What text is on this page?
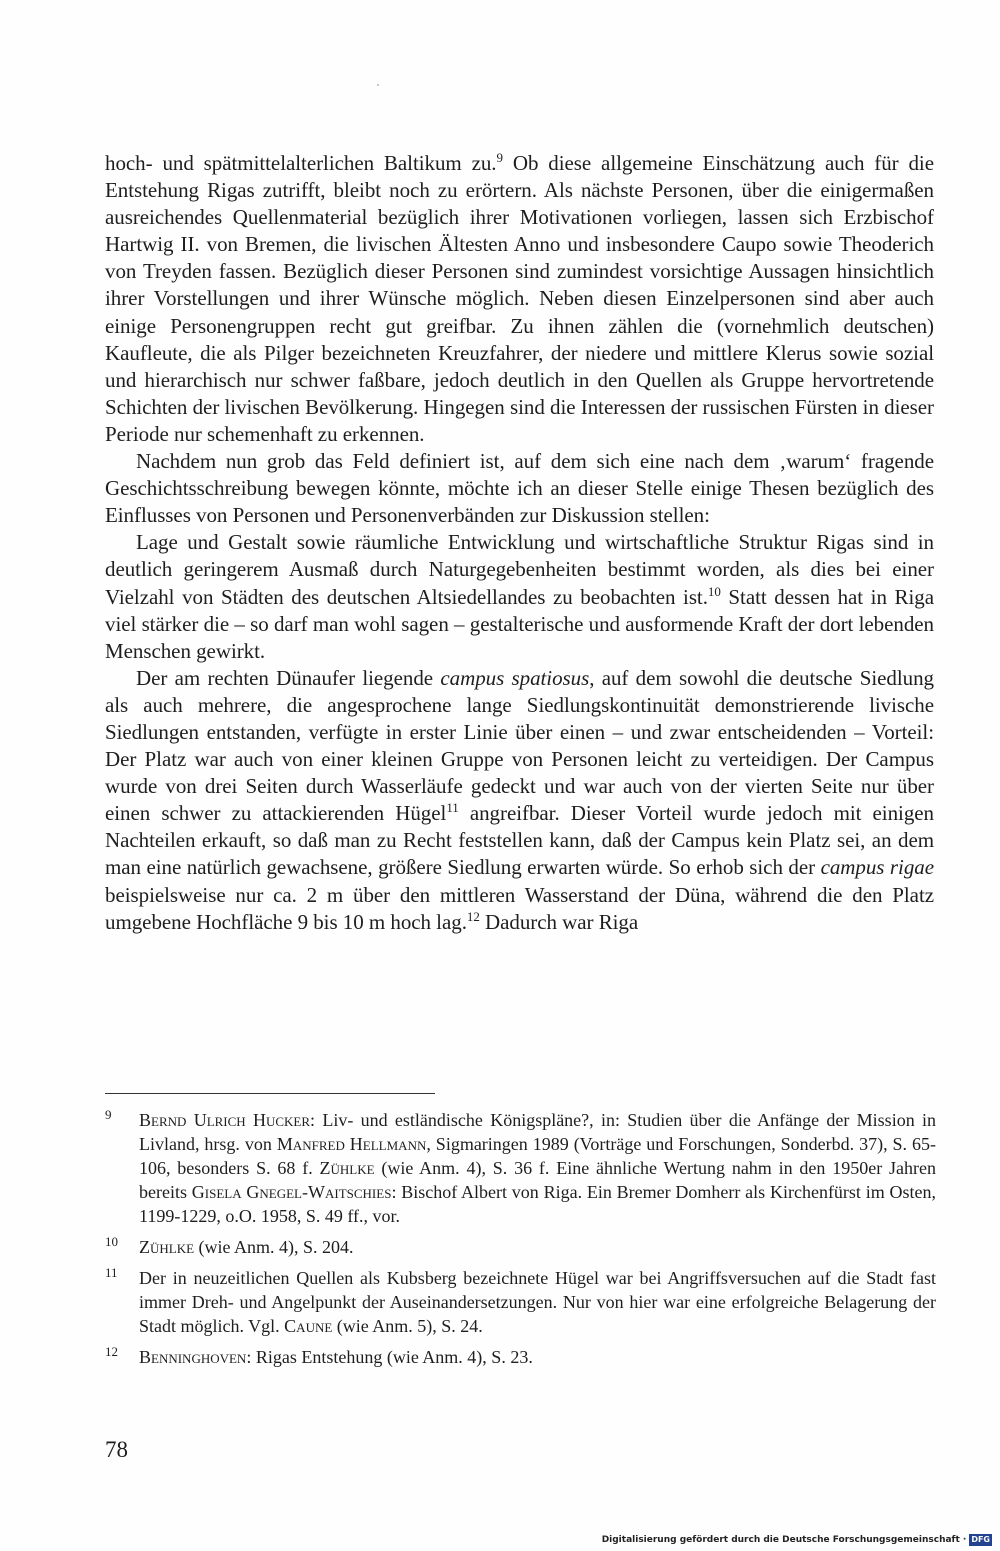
hoch- und spätmittelalterlichen Baltikum zu.$^9$ Ob diese allgemeine Einschätzung auch für die Entstehung Rigas zutrifft, bleibt noch zu erörtern. Als nächste Personen, über die einigermaßen ausreichendes Quellenmaterial bezüglich ihrer Motivationen vorliegen, lassen sich Erzbischof Hartwig II. von Bremen, die livischen Ältesten Anno und insbesondere Caupo sowie Theoderich von Treyden fassen. Bezüglich dieser Personen sind zumindest vorsichtige Aussagen hinsichtlich ihrer Vorstellungen und ihrer Wünsche möglich. Neben diesen Einzelpersonen sind aber auch einige Personengruppen recht gut greifbar. Zu ihnen zählen die (vornehmlich deutschen) Kaufleute, die als Pilger bezeichneten Kreuzfahrer, der niedere und mittlere Klerus sowie sozial und hierarchisch nur schwer faßbare, jedoch deutlich in den Quellen als Gruppe hervortretende Schichten der livischen Bevölkerung. Hingegen sind die Interessen der russischen Fürsten in dieser Periode nur schemenhaft zu erkennen.

Nachdem nun grob das Feld definiert ist, auf dem sich eine nach dem ‚warum‘ fragende Geschichtsschreibung bewegen könnte, möchte ich an dieser Stelle einige Thesen bezüglich des Einflusses von Personen und Personenverbänden zur Diskussion stellen:

Lage und Gestalt sowie räumliche Entwicklung und wirtschaftliche Struktur Rigas sind in deutlich geringerem Ausmaß durch Naturgegebenheiten bestimmt worden, als dies bei einer Vielzahl von Städten des deutschen Altsiedellandes zu beobachten ist.$^{10}$ Statt dessen hat in Riga viel stärker die – so darf man wohl sagen – gestalterische und ausformende Kraft der dort lebenden Menschen gewirkt.

Der am rechten Dünaufer liegende campus spatiosus, auf dem sowohl die deutsche Siedlung als auch mehrere, die angesprochene lange Siedlungskontinuität demonstrierende livische Siedlungen entstanden, verfügte in erster Linie über einen – und zwar entscheidenden – Vorteil: Der Platz war auch von einer kleinen Gruppe von Personen leicht zu verteidigen. Der Campus wurde von drei Seiten durch Wasserläufe gedeckt und war auch von der vierten Seite nur über einen schwer zu attackierenden Hügel$^{11}$ angreifbar. Dieser Vorteil wurde jedoch mit einigen Nachteilen erkauft, so daß man zu Recht feststellen kann, daß der Campus kein Platz sei, an dem man eine natürlich gewachsene, größere Siedlung erwarten würde. So erhob sich der campus rigae beispielsweise nur ca. 2 m über den mittleren Wasserstand der Düna, während die den Platz umgebene Hochfläche 9 bis 10 m hoch lag.$^{12}$ Dadurch war Riga

9	Bernd Ulrich Hucker: Liv- und estländische Königspläne?, in: Studien über die Anfänge der Mission in Livland, hrsg. von Manfred Hellmann, Sigmaringen 1989 (Vorträge und Forschungen, Sonderbd. 37), S. 65-106, besonders S. 68 f. Zühlke (wie Anm. 4), S. 36 f. Eine ähnliche Wertung nahm in den 1950er Jahren bereits Gisela Gnegel-Waitschies: Bischof Albert von Riga. Ein Bremer Domherr als Kirchenfürst im Osten, 1199-1229, o.O. 1958, S. 49 ff., vor.
10	Zühlke (wie Anm. 4), S. 204.
11	Der in neuzeitlichen Quellen als Kubsberg bezeichnete Hügel war bei Angriffsversuchen auf die Stadt fast immer Dreh- und Angelpunkt der Auseinandersetzungen. Nur von hier war eine erfolgreiche Belagerung der Stadt möglich. Vgl. Caune (wie Anm. 5), S. 24.
12	Benninghoven: Rigas Entstehung (wie Anm. 4), S. 23.
78
Digitalisierung gefördert durch die Deutsche Forschungsgemeinschaft · DFG
